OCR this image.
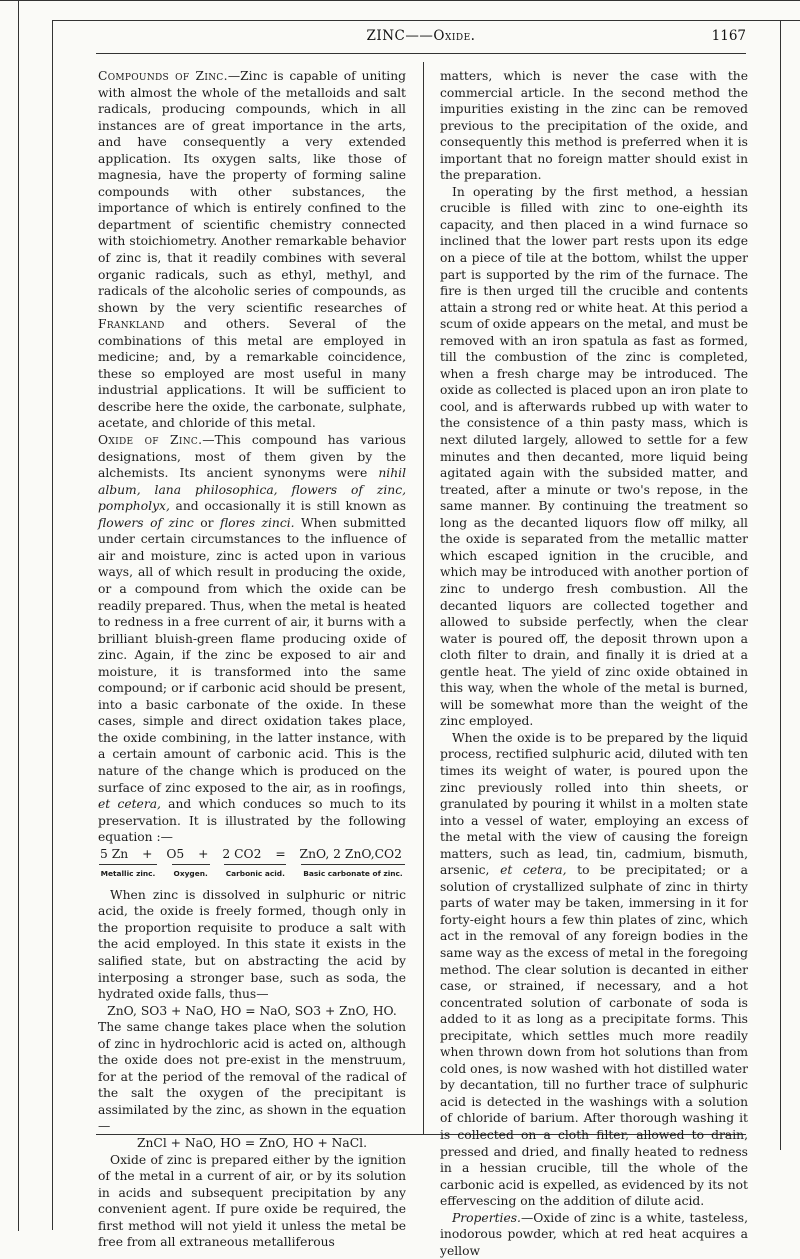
ZINC——Oxide.	1167

Compounds of Zinc.—Zinc is capable of uniting with almost the whole of the metalloids and salt radicals, producing compounds, which in all instances are of great importance in the arts, and have consequently a very extended application. Its oxygen salts, like those of magnesia, have the property of forming saline compounds with other substances, the importance of which is entirely confined to the department of scientific chemistry connected with stoichiometry. Another remarkable behavior of zinc is, that it readily combines with several organic radicals, such as ethyl, methyl, and radicals of the alcoholic series of compounds, as shown by the very scientific researches of Frankland and others. Several of the combinations of this metal are employed in medicine; and, by a remarkable coincidence, these so employed are most useful in many industrial applications. It will be sufficient to describe here the oxide, the carbonate, sulphate, acetate, and chloride of this metal.

Oxide of Zinc.—This compound has various designations, most of them given by the alchemists. Its ancient synonyms were nihil album, lana philosophica, flowers of zinc, pompholyx, and occasionally it is still known as flowers of zinc or flores zinci. When submitted under certain circumstances to the influence of air and moisture, zinc is acted upon in various ways, all of which result in producing the oxide, or a compound from which the oxide can be readily prepared. Thus, when the metal is heated to redness in a free current of air, it burns with a brilliant bluish-green flame producing oxide of zinc. Again, if the zinc be exposed to air and moisture, it is transformed into the same compound; or if carbonic acid should be present, into a basic carbonate of the oxide. In these cases, simple and direct oxidation takes place, the oxide combining, in the latter instance, with a certain amount of carbonic acid. This is the nature of the change which is produced on the surface of zinc exposed to the air, as in roofings, et cetera, and which conduces so much to its preservation. It is illustrated by the following equation :—

5 Zn + O5 + 2 CO2 = ZnO, 2 ZnO,CO2
Metallic zinc. Oxygen. Carbonic acid.	Basic carbonate of zinc.

When zinc is dissolved in sulphuric or nitric acid, the oxide is freely formed, though only in the proportion requisite to produce a salt with the acid employed. In this state it exists in the salified state, but on abstracting the acid by interposing a stronger base, such as soda, the hydrated oxide falls, thus—

ZnO, SO3 + NaO, HO = NaO, SO3 + ZnO, HO.

The same change takes place when the solution of zinc in hydrochloric acid is acted on, although the oxide does not pre-exist in the menstruum, for at the period of the removal of the radical of the salt the oxygen of the precipitant is assimilated by the zinc, as shown in the equation—

ZnCl + NaO, HO = ZnO, HO + NaCl.

Oxide of zinc is prepared either by the ignition of the metal in a current of air, or by its solution in acids and subsequent precipitation by any convenient agent. If pure oxide be required, the first method will not yield it unless the metal be free from all extraneous metalliferous

matters, which is never the case with the commercial article. In the second method the impurities existing in the zinc can be removed previous to the precipitation of the oxide, and consequently this method is preferred when it is important that no foreign matter should exist in the preparation.

In operating by the first method, a hessian crucible is filled with zinc to one-eighth its capacity, and then placed in a wind furnace so inclined that the lower part rests upon its edge on a piece of tile at the bottom, whilst the upper part is supported by the rim of the furnace. The fire is then urged till the crucible and contents attain a strong red or white heat. At this period a scum of oxide appears on the metal, and must be removed with an iron spatula as fast as formed, till the combustion of the zinc is completed, when a fresh charge may be introduced. The oxide as collected is placed upon an iron plate to cool, and is afterwards rubbed up with water to the consistence of a thin pasty mass, which is next diluted largely, allowed to settle for a few minutes and then decanted, more liquid being agitated again with the subsided matter, and treated, after a minute or two's repose, in the same manner. By continuing the treatment so long as the decanted liquors flow off milky, all the oxide is separated from the metallic matter which escaped ignition in the crucible, and which may be introduced with another portion of zinc to undergo fresh combustion. All the decanted liquors are collected together and allowed to subside perfectly, when the clear water is poured off, the deposit thrown upon a cloth filter to drain, and finally it is dried at a gentle heat. The yield of zinc oxide obtained in this way, when the whole of the metal is burned, will be somewhat more than the weight of the zinc employed.

When the oxide is to be prepared by the liquid process, rectified sulphuric acid, diluted with ten times its weight of water, is poured upon the zinc previously rolled into thin sheets, or granulated by pouring it whilst in a molten state into a vessel of water, employing an excess of the metal with the view of causing the foreign matters, such as lead, tin, cadmium, bismuth, arsenic, et cetera, to be precipitated; or a solution of crystallized sulphate of zinc in thirty parts of water may be taken, immersing in it for forty-eight hours a few thin plates of zinc, which act in the removal of any foreign bodies in the same way as the excess of metal in the foregoing method. The clear solution is decanted in either case, or strained, if necessary, and a hot concentrated solution of carbonate of soda is added to it as long as a precipitate forms. This precipitate, which settles much more readily when thrown down from hot solutions than from cold ones, is now washed with hot distilled water by decantation, till no further trace of sulphuric acid is detected in the washings with a solution of chloride of barium. After thorough washing it is collected on a cloth filter, allowed to drain, pressed and dried, and finally heated to redness in a hessian crucible, till the whole of the carbonic acid is expelled, as evidenced by its not effervescing on the addition of dilute acid.

Properties.—Oxide of zinc is a white, tasteless, inodorous powder, which at red heat acquires a yellow
